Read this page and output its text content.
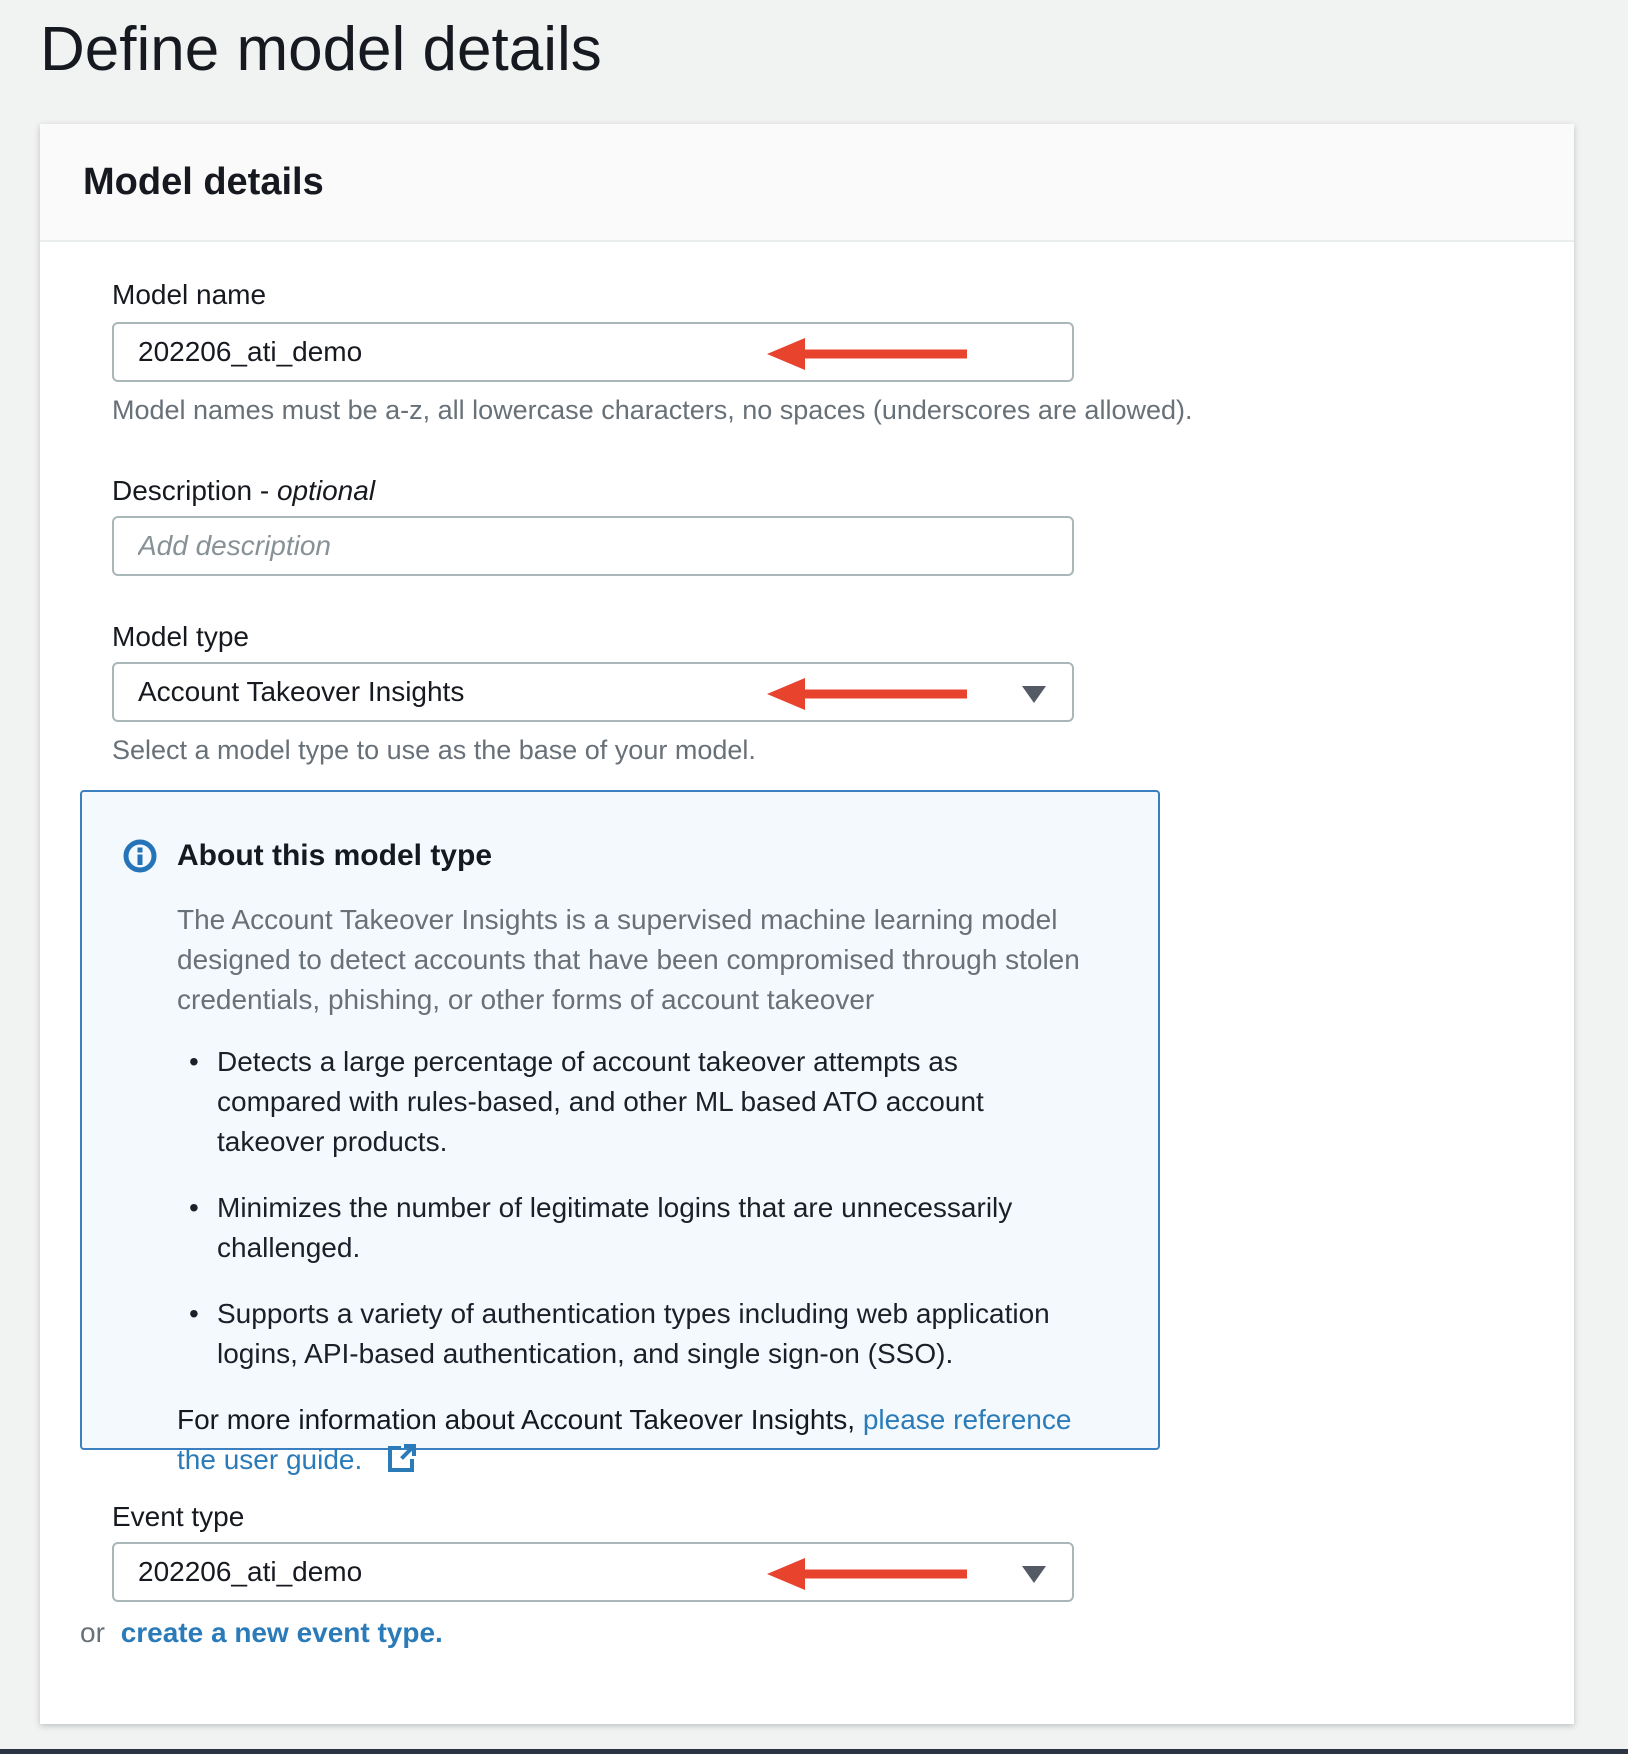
Define model details
Model details
Model name
202206_ati_demo
Model names must be a-z, all lowercase characters, no spaces (underscores are allowed).
Description - optional
Add description
Model type
Account Takeover Insights
Select a model type to use as the base of your model.
About this model type

The Account Takeover Insights is a supervised machine learning model designed to detect accounts that have been compromised through stolen credentials, phishing, or other forms of account takeover

• Detects a large percentage of account takeover attempts as compared with rules-based, and other ML based ATO account takeover products.
• Minimizes the number of legitimate logins that are unnecessarily challenged.
• Supports a variety of authentication types including web application logins, API-based authentication, and single sign-on (SSO).

For more information about Account Takeover Insights, please reference the user guide.

Event type
202206_ati_demo
or create a new event type.
